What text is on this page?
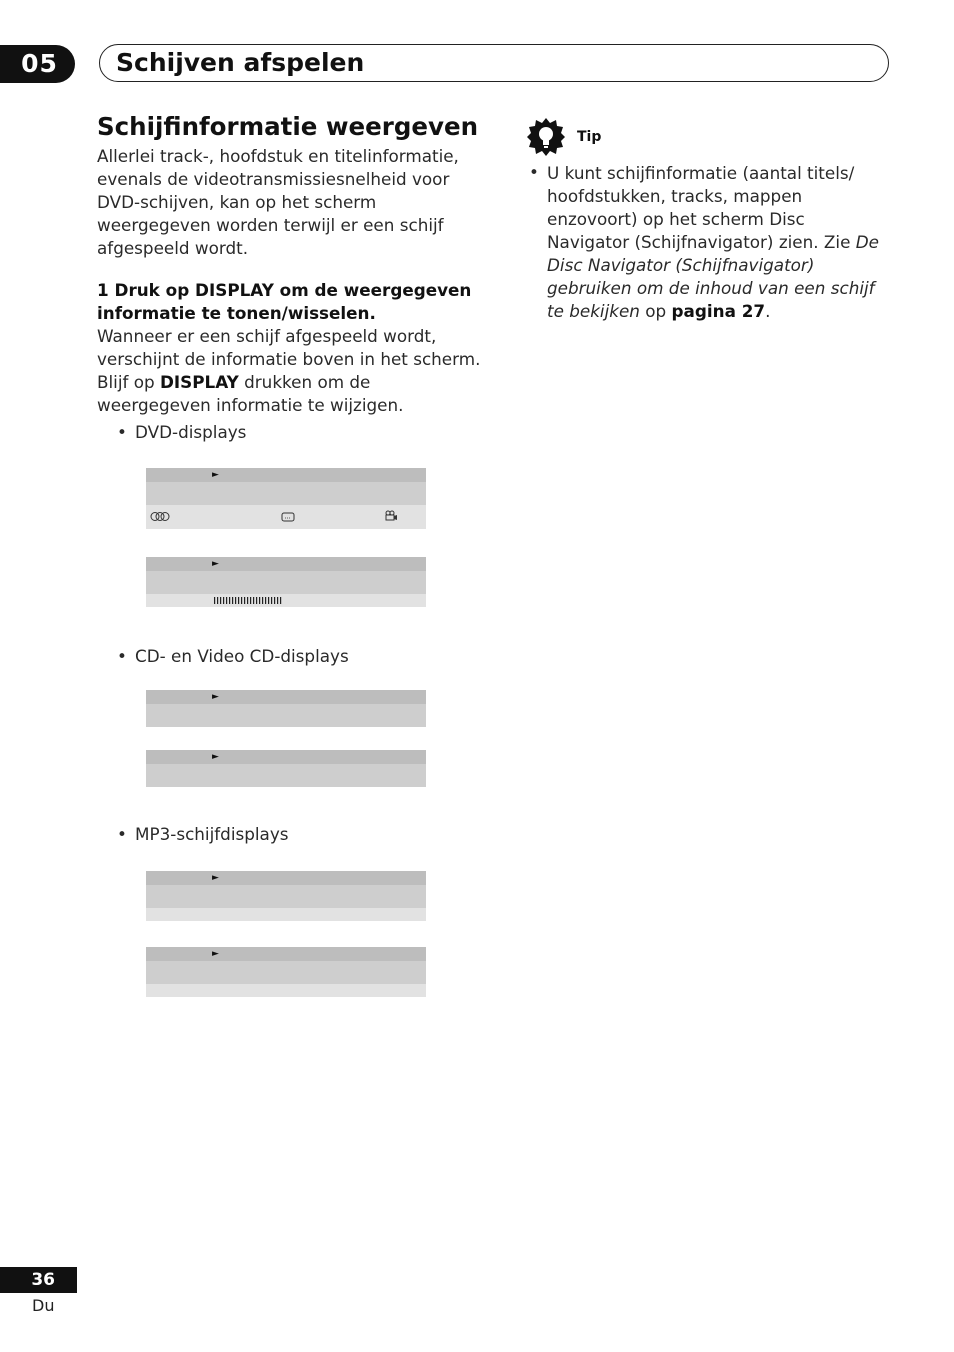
05	Schijven afspelen
Schijfinformatie weergeven
Allerlei track-, hoofdstuk en titelinformatie, evenals de videotransmissiesnelheid voor DVD-schijven, kan op het scherm weergegeven worden terwijl er een schijf afgespeeld wordt.
1 Druk op DISPLAY om de weergegeven informatie te tonen/wisselen.
Wanneer er een schijf afgespeeld wordt, verschijnt de informatie boven in het scherm. Blijf op DISPLAY drukken om de weergegeven informatie te wijzigen.
• DVD-displays
►
►
• CD- en Video CD-displays
►
►
• MP3-schijfdisplays
►
►
Tip
• U kunt schijfinformatie (aantal titels/ hoofdstukken, tracks, mappen enzovoort) op het scherm Disc Navigator (Schijfnavigator) zien. Zie De Disc Navigator (Schijfnavigator) gebruiken om de inhoud van een schijf te bekijken op pagina 27.
36
Du
